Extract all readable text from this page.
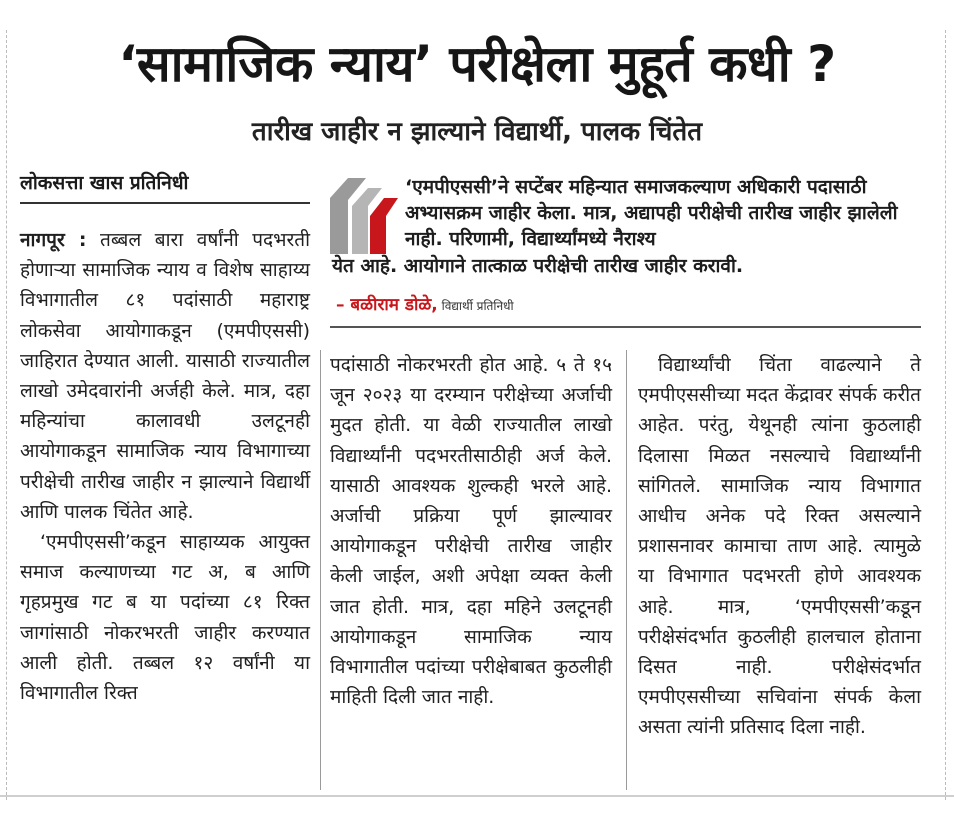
‘सामाजिक न्याय’ परीक्षेला मुहूर्त कधी ?
तारीख जाहीर न झाल्याने विद्यार्थी, पालक चिंतेत
लोकसत्ता खास प्रतिनिधी

नागपूर : तब्बल बारा वर्षांनी पदभरती होणाऱ्या सामाजिक न्याय व विशेष साहाय्य विभागातील ८१ पदांसाठी महाराष्ट्र लोकसेवा आयोगाकडून (एमपीएससी) जाहिरात देण्यात आली. यासाठी राज्यातील लाखो उमेदवारांनी अर्जही केले. मात्र, दहा महिन्यांचा कालावधी उलटूनही आयोगाकडून सामाजिक न्याय विभागाच्या परीक्षेची तारीख जाहीर न झाल्याने विद्यार्थी आणि पालक चिंतेत आहे.

‘एमपीएससी’कडून साहाय्यक आयुक्त समाज कल्याणच्या गट अ, ब आणि गृहप्रमुख गट ब या पदांच्या ८१ रिक्त जागांसाठी नोकरभरती जाहीर करण्यात आली होती. तब्बल १२ वर्षांनी या विभागातील रिक्त

पदांसाठी नोकरभरती होत आहे. ५ ते १५ जून २०२३ या दरम्यान परीक्षेच्या अर्जाची मुदत होती. या वेळी राज्यातील लाखो विद्यार्थ्यांनी पदभरतीसाठीही अर्ज केले. यासाठी आवश्यक शुल्कही भरले आहे. अर्जाची प्रक्रिया पूर्ण झाल्यावर आयोगाकडून परीक्षेची तारीख जाहीर केली जाईल, अशी अपेक्षा व्यक्त केली जात होती. मात्र, दहा महिने उलटूनही आयोगाकडून सामाजिक न्याय विभागातील पदांच्या परीक्षेबाबत कुठलीही माहिती दिली जात नाही.

विद्यार्थ्यांची चिंता वाढल्याने ते एमपीएससीच्या मदत केंद्रावर संपर्क करीत आहेत. परंतु, येथूनही त्यांना कुठलाही दिलासा मिळत नसल्याचे विद्यार्थ्यांनी सांगितले. सामाजिक न्याय विभागात आधीच अनेक पदे रिक्त असल्याने प्रशासनावर कामाचा ताण आहे. त्यामुळे या विभागात पदभरती होणे आवश्यक आहे. मात्र, ‘एमपीएससी’कडून परीक्षेसंदर्भात कुठलीही हालचाल होताना दिसत नाही. परीक्षेसंदर्भात एमपीएससीच्या सचिवांना संपर्क केला असता त्यांनी प्रतिसाद दिला नाही.

‘एमपीएससी’ने सप्टेंबर महिन्यात समाजकल्याण अधिकारी पदासाठी अभ्यासक्रम जाहीर केला. मात्र, अद्यापही परीक्षेची तारीख जाहीर झालेली नाही. परिणामी, विद्यार्थ्यांमध्ये नैराश्य
येत आहे. आयोगाने तात्काळ परीक्षेची तारीख जाहीर करावी.
– बळीराम डोळे, विद्यार्थी प्रतिनिधी
